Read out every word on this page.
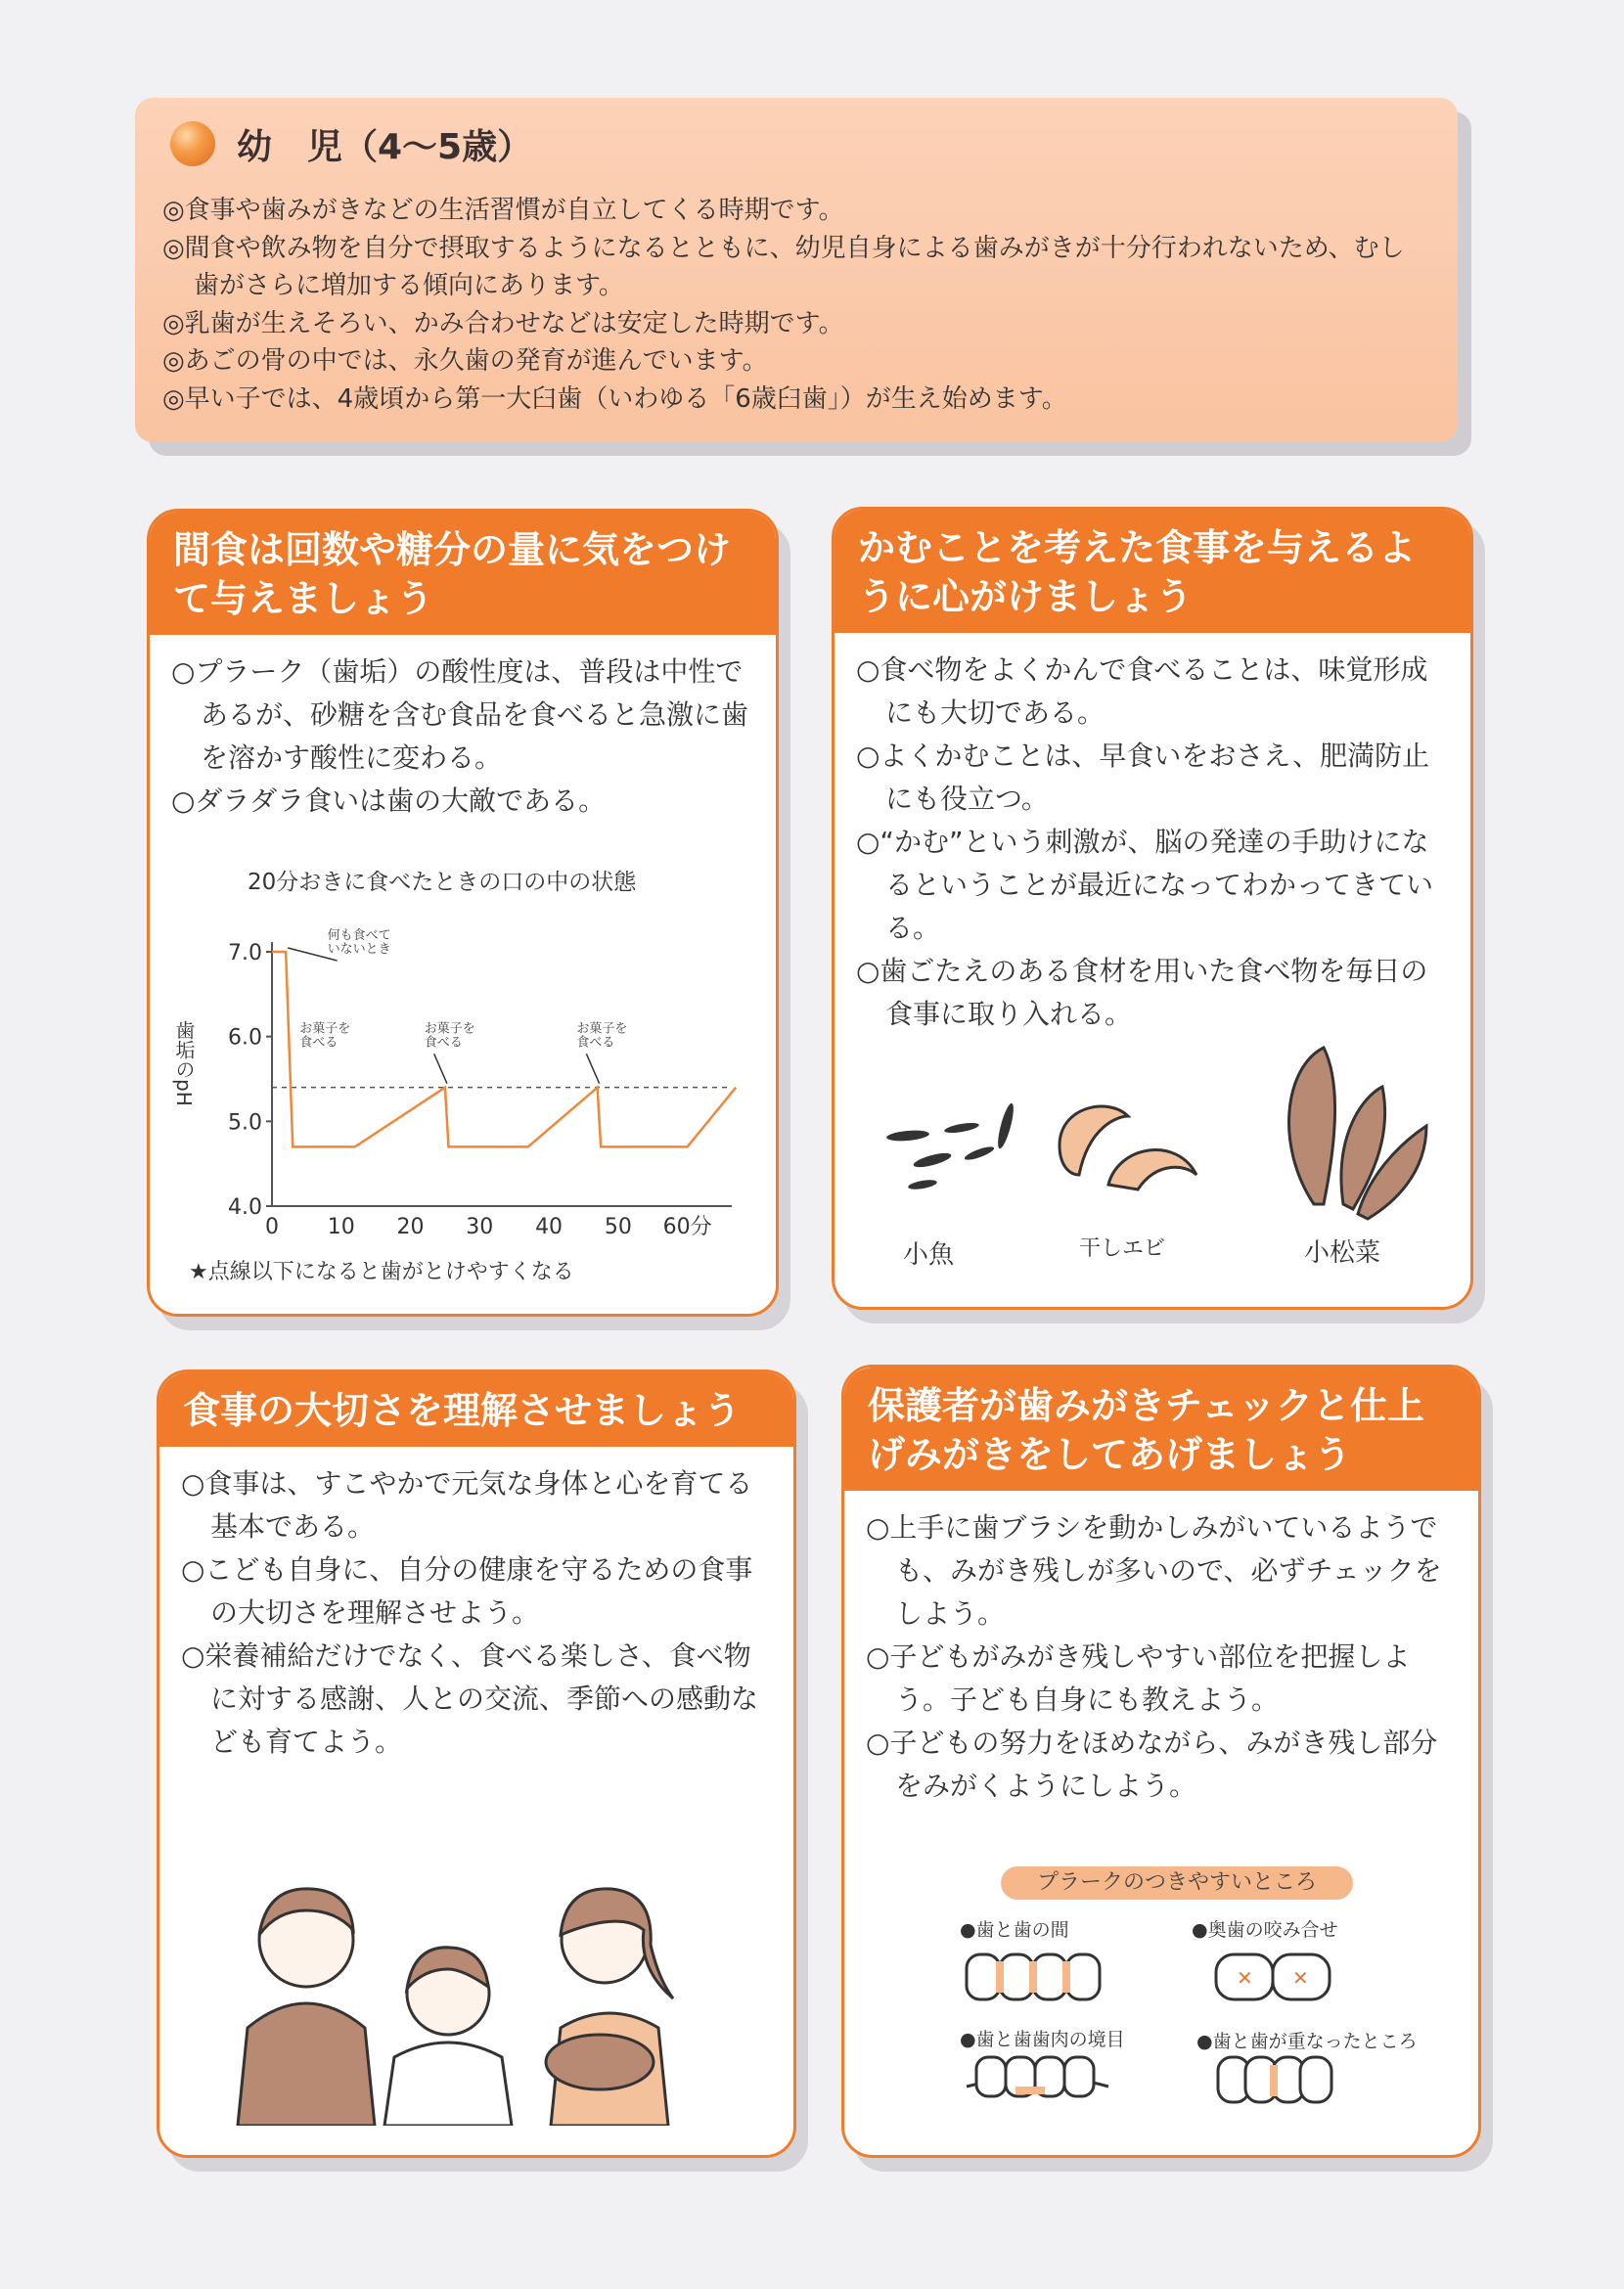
幼　児（4〜5歳）

◎食事や歯みがきなどの生活習慣が自立してくる時期です。

◎間食や飲み物を自分で摂取するようになるとともに、幼児自身による歯みがきが十分行われないため、むし歯がさらに増加する傾向にあります。

◎乳歯が生えそろい、かみ合わせなどは安定した時期です。

◎あごの骨の中では、永久歯の発育が進んでいます。

◎早い子では、4歳頃から第一大臼歯（いわゆる「6歳臼歯」）が生え始めます。

間食は回数や糖分の量に気をつけて与えましょう

○プラーク（歯垢）の酸性度は、普段は中性であるが、砂糖を含む食品を食べると急激に歯を溶かす酸性に変わる。

○ダラダラ食いは歯の大敵である。

20分おきに食べたときの口の中の状態
4.0
5.0
6.0
7.0
0 10 20 30 40 50 60分
歯垢のpH
何も食べて
いないとき
お菓子を
食べる
お菓子を
食べる
お菓子を
食べる
★点線以下になると歯がとけやすくなる
かむことを考えた食事を与えるように心がけましょう

○食べ物をよくかんで食べることは、味覚形成にも大切である。

○よくかむことは、早食いをおさえ、肥満防止にも役立つ。

○“かむ”という刺激が、脳の発達の手助けになるということが最近になってわかってきている。

○歯ごたえのある食材を用いた食べ物を毎日の食事に取り入れる。

小魚	干しエビ	小松菜
食事の大切さを理解させましょう

○食事は、すこやかで元気な身体と心を育てる基本である。

○こども自身に、自分の健康を守るための食事の大切さを理解させよう。

○栄養補給だけでなく、食べる楽しさ、食べ物に対する感謝、人との交流、季節への感動なども育てよう。

保護者が歯みがきチェックと仕上げみがきをしてあげましょう

○上手に歯ブラシを動かしみがいているようでも、みがき残しが多いので、必ずチェックをしよう。

○子どもがみがき残しやすい部位を把握しよう。子ども自身にも教えよう。

○子どもの努力をほめながら、みがき残し部分をみがくようにしよう。

プラークのつきやすいところ
●歯と歯の間	●奥歯の咬み合せ
●歯と歯歯肉の境目	●歯と歯が重なったところ
✕ ✕
